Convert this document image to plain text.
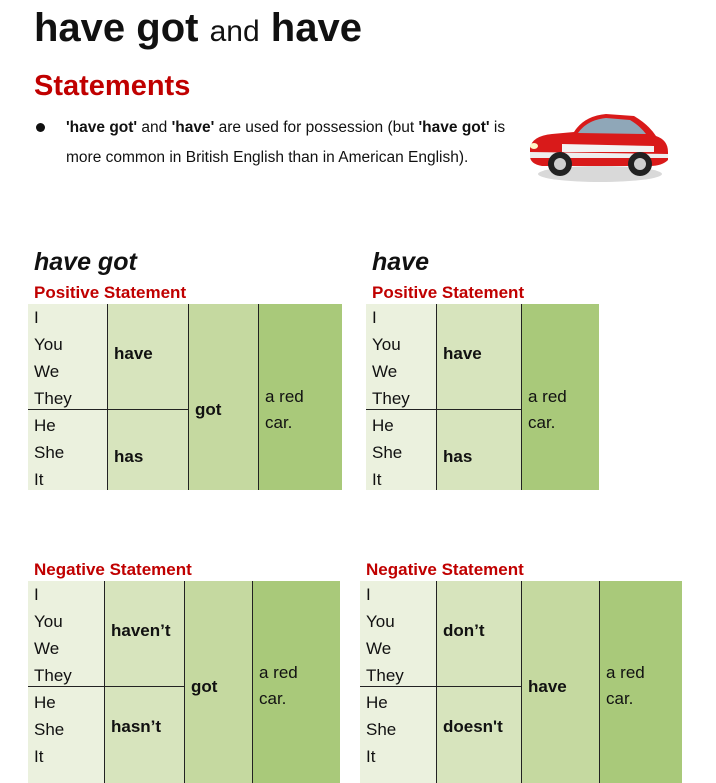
have got and have
Statements
'have got' and 'have' are used for possession (but 'have got' is more common in British English than in American English).
have got	have
Positive Statement
I
You
We
They
He
She
It
have
has
got
a red
car.
Positive Statement
I
You
We
They
He
She
It
have
has
a red
car.
Negative Statement
I
You
We
They
He
She
It
haven’t
hasn’t
got
a red
car.
Negative Statement
I
You
We
They
He
She
It
don’t
doesn't
have
a red
car.
